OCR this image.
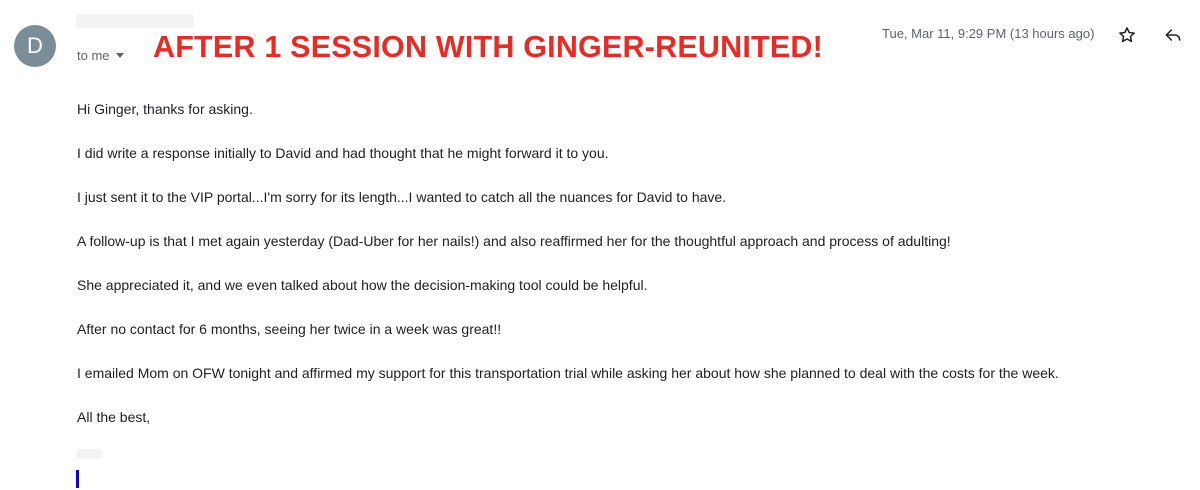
D	to me AFTER 1 SESSION WITH GINGER-REUNITED!	Tue, Mar 11, 9:29 PM (13 hours ago)

Hi Ginger, thanks for asking.

I did write a response initially to David and had thought that he might forward it to you.

I just sent it to the VIP portal...I'm sorry for its length...I wanted to catch all the nuances for David to have.

A follow-up is that I met again yesterday (Dad-Uber for her nails!) and also reaffirmed her for the thoughtful approach and process of adulting!

She appreciated it, and we even talked about how the decision-making tool could be helpful.

After no contact for 6 months, seeing her twice in a week was great!!

I emailed Mom on OFW tonight and affirmed my support for this transportation trial while asking her about how she planned to deal with the costs for the week.

All the best,
